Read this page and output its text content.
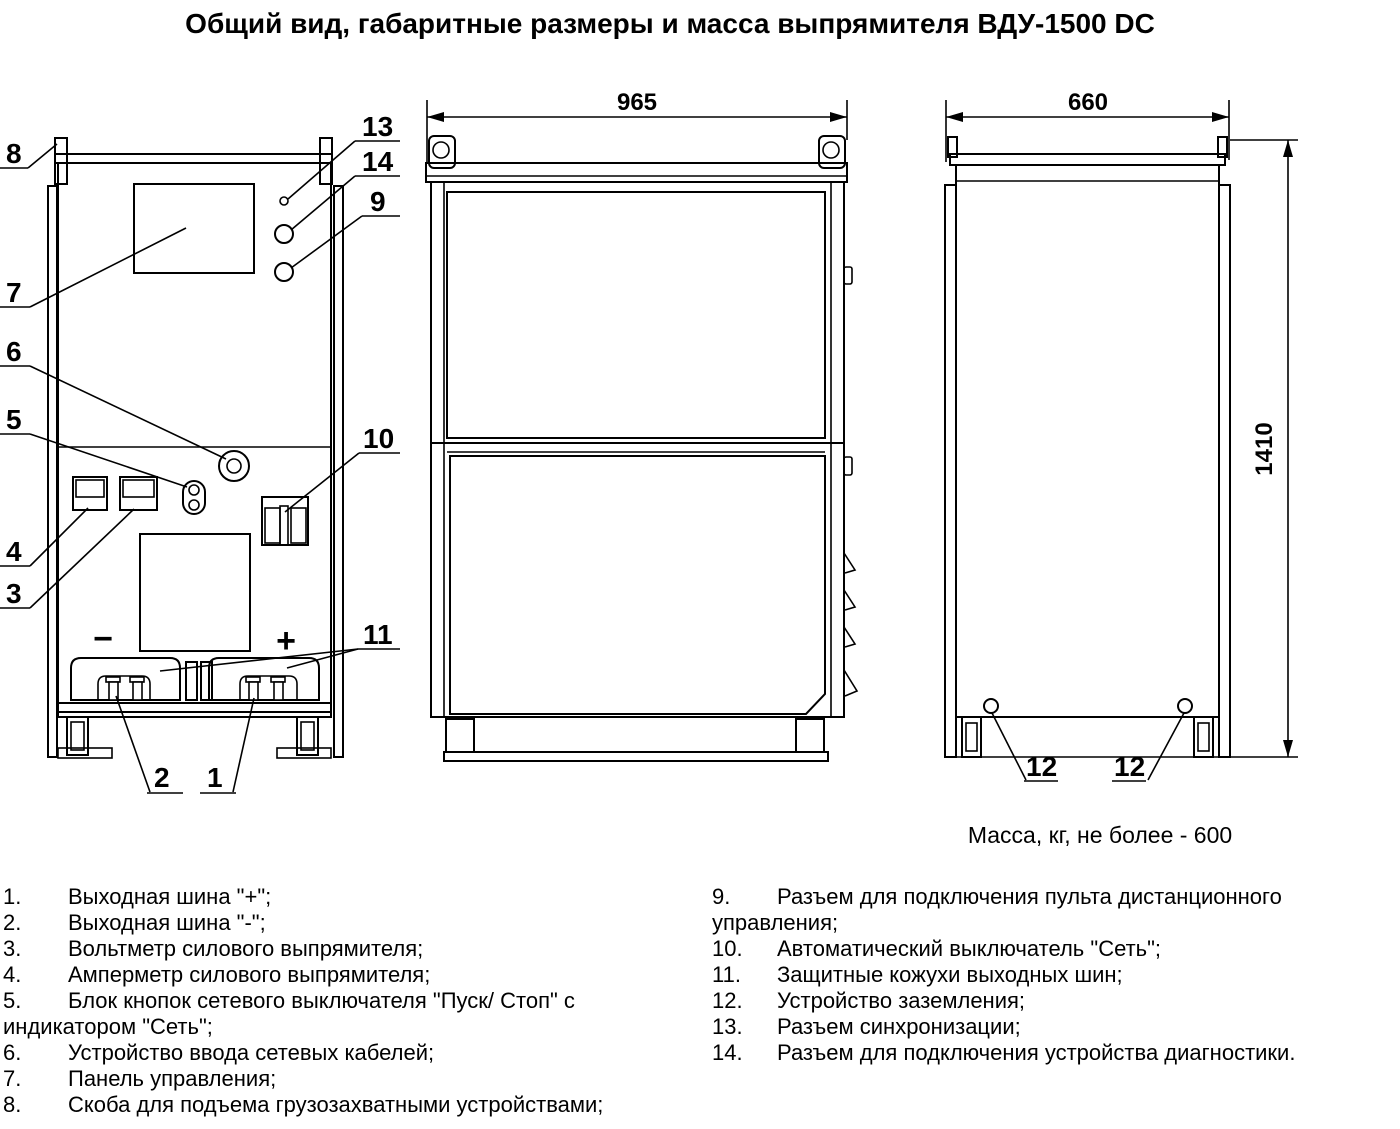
Общий вид, габаритные размеры и масса выпрямителя ВДУ-1500 DC
−	+
8
7
6
5
4
3
13
14
9
10
11
2 1
965	660
12 12
1410
Масса, кг, не более - 600
1. Выходная шина "+";
2. Выходная шина "-";
3. Вольтметр силового выпрямителя;
4. Амперметр силового выпрямителя;
5. Блок кнопок сетевого выключателя "Пуск/ Стоп" с индикатором "Сеть";
6. Устройство ввода сетевых кабелей;
7. Панель управления;
8. Скоба для подъема грузозахватными устройствами;
9. Разъем для подключения пульта дистанционного управления;
10. Автоматический выключатель "Сеть";
11. Защитные кожухи выходных шин;
12. Устройство заземления;
13. Разъем синхронизации;
14. Разъем для подключения устройства диагностики.
